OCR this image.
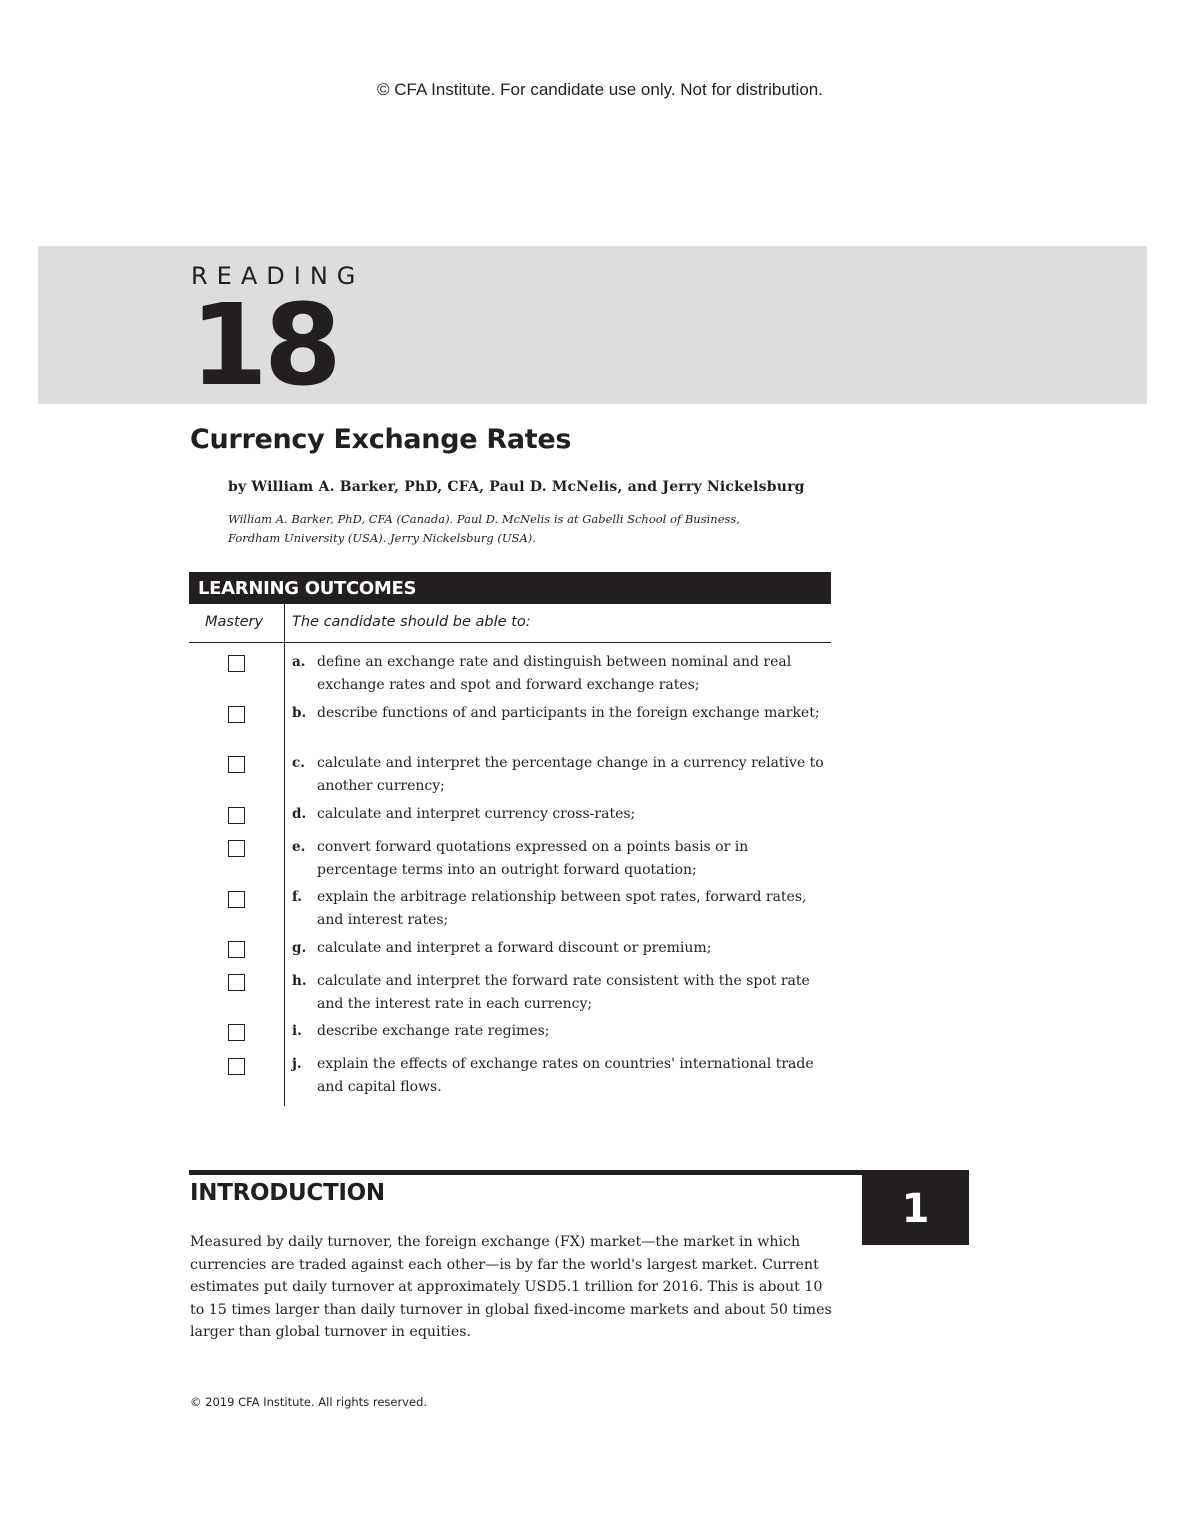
© CFA Institute. For candidate use only. Not for distribution.
READING
18
Currency Exchange Rates
by William A. Barker, PhD, CFA, Paul D. McNelis, and Jerry Nickelsburg
William A. Barker, PhD, CFA (Canada). Paul D. McNelis is at Gabelli School of Business,
Fordham University (USA). Jerry Nickelsburg (USA).
LEARNING OUTCOMES
Mastery The candidate should be able to:
a. define an exchange rate and distinguish between nominal and real exchange rates and spot and forward exchange rates;
b. describe functions of and participants in the foreign exchange market;
c. calculate and interpret the percentage change in a currency relative to another currency;
d. calculate and interpret currency cross-rates;
e. convert forward quotations expressed on a points basis or in percentage terms into an outright forward quotation;
f. explain the arbitrage relationship between spot rates, forward rates, and interest rates;
g. calculate and interpret a forward discount or premium;
h. calculate and interpret the forward rate consistent with the spot rate and the interest rate in each currency;
i. describe exchange rate regimes;
j. explain the effects of exchange rates on countries' international trade and capital flows.
INTRODUCTION	1
Measured by daily turnover, the foreign exchange (FX) market—the market in which currencies are traded against each other—is by far the world's largest market. Current estimates put daily turnover at approximately USD5.1 trillion for 2016. This is about 10 to 15 times larger than daily turnover in global fixed-income markets and about 50 times larger than global turnover in equities.
© 2019 CFA Institute. All rights reserved.
